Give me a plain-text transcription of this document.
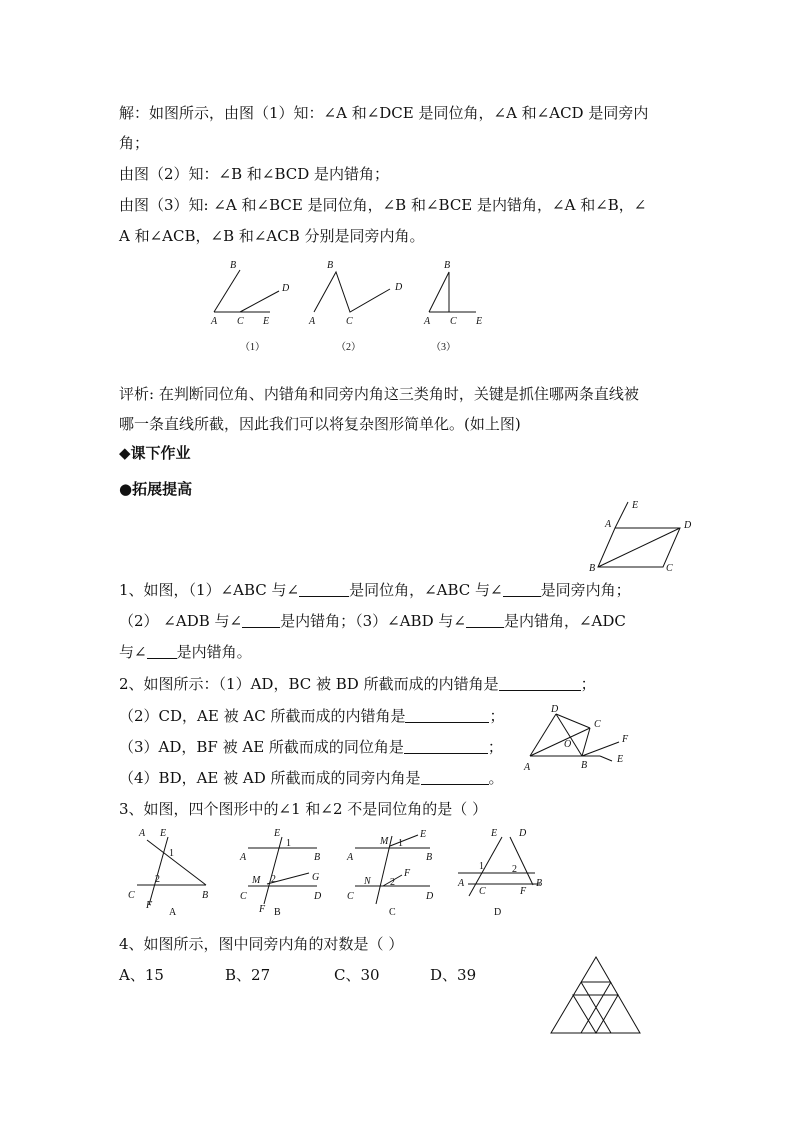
解：如图所示，由图（1）知：∠A 和∠DCE 是同位角，∠A 和∠ACD 是同旁内
角；
由图（2）知：∠B 和∠BCD 是内错角；
由图（3）知: ∠A 和∠BCE 是同位角，∠B 和∠BCE 是内错角，∠A 和∠B，∠
A 和∠ACB，∠B 和∠ACB 分别是同旁内角。
B
D
A C E
B
D
A	C
B
A C E
（1）	（2）	（3）
评析: 在判断同位角、内错角和同旁内角这三类角时，关键是抓住哪两条直线被
哪一条直线所截，因此我们可以将复杂图形简单化。(如上图)
◆课下作业
●拓展提高
E
A	D
B	C
1、如图，（1）∠ABC 与∠	是同位角，∠ABC 与∠	是同旁内角；
（2） ∠ADB 与∠	是内错角；（3）∠ABD 与∠	是内错角，∠ADC
与∠ 是内错角。
2、如图所示：（1）AD，BC 被 BD 所截而成的内错角是	；
（2）CD，AE 被 AC 所截而成的内错角是	；
（3）AD，BF 被 AE 所截而成的同位角是	；
（4）BD，AE 被 AD 所截而成的同旁内角是	。
D
C
O	F
A	B
E
3、如图，四个图形中的∠1 和∠2 不是同位角的是（ ）
A E
1
2
C
F
B
A
E
1
A	B
M 2	G
C
F
D
B
M 1
E
A	B
N 2
F
C	D
C
E D
1	2
A
C	F
B
D
4、如图所示，图中同旁内角的对数是（ ）
A、15	B、27	C、30	D、39
